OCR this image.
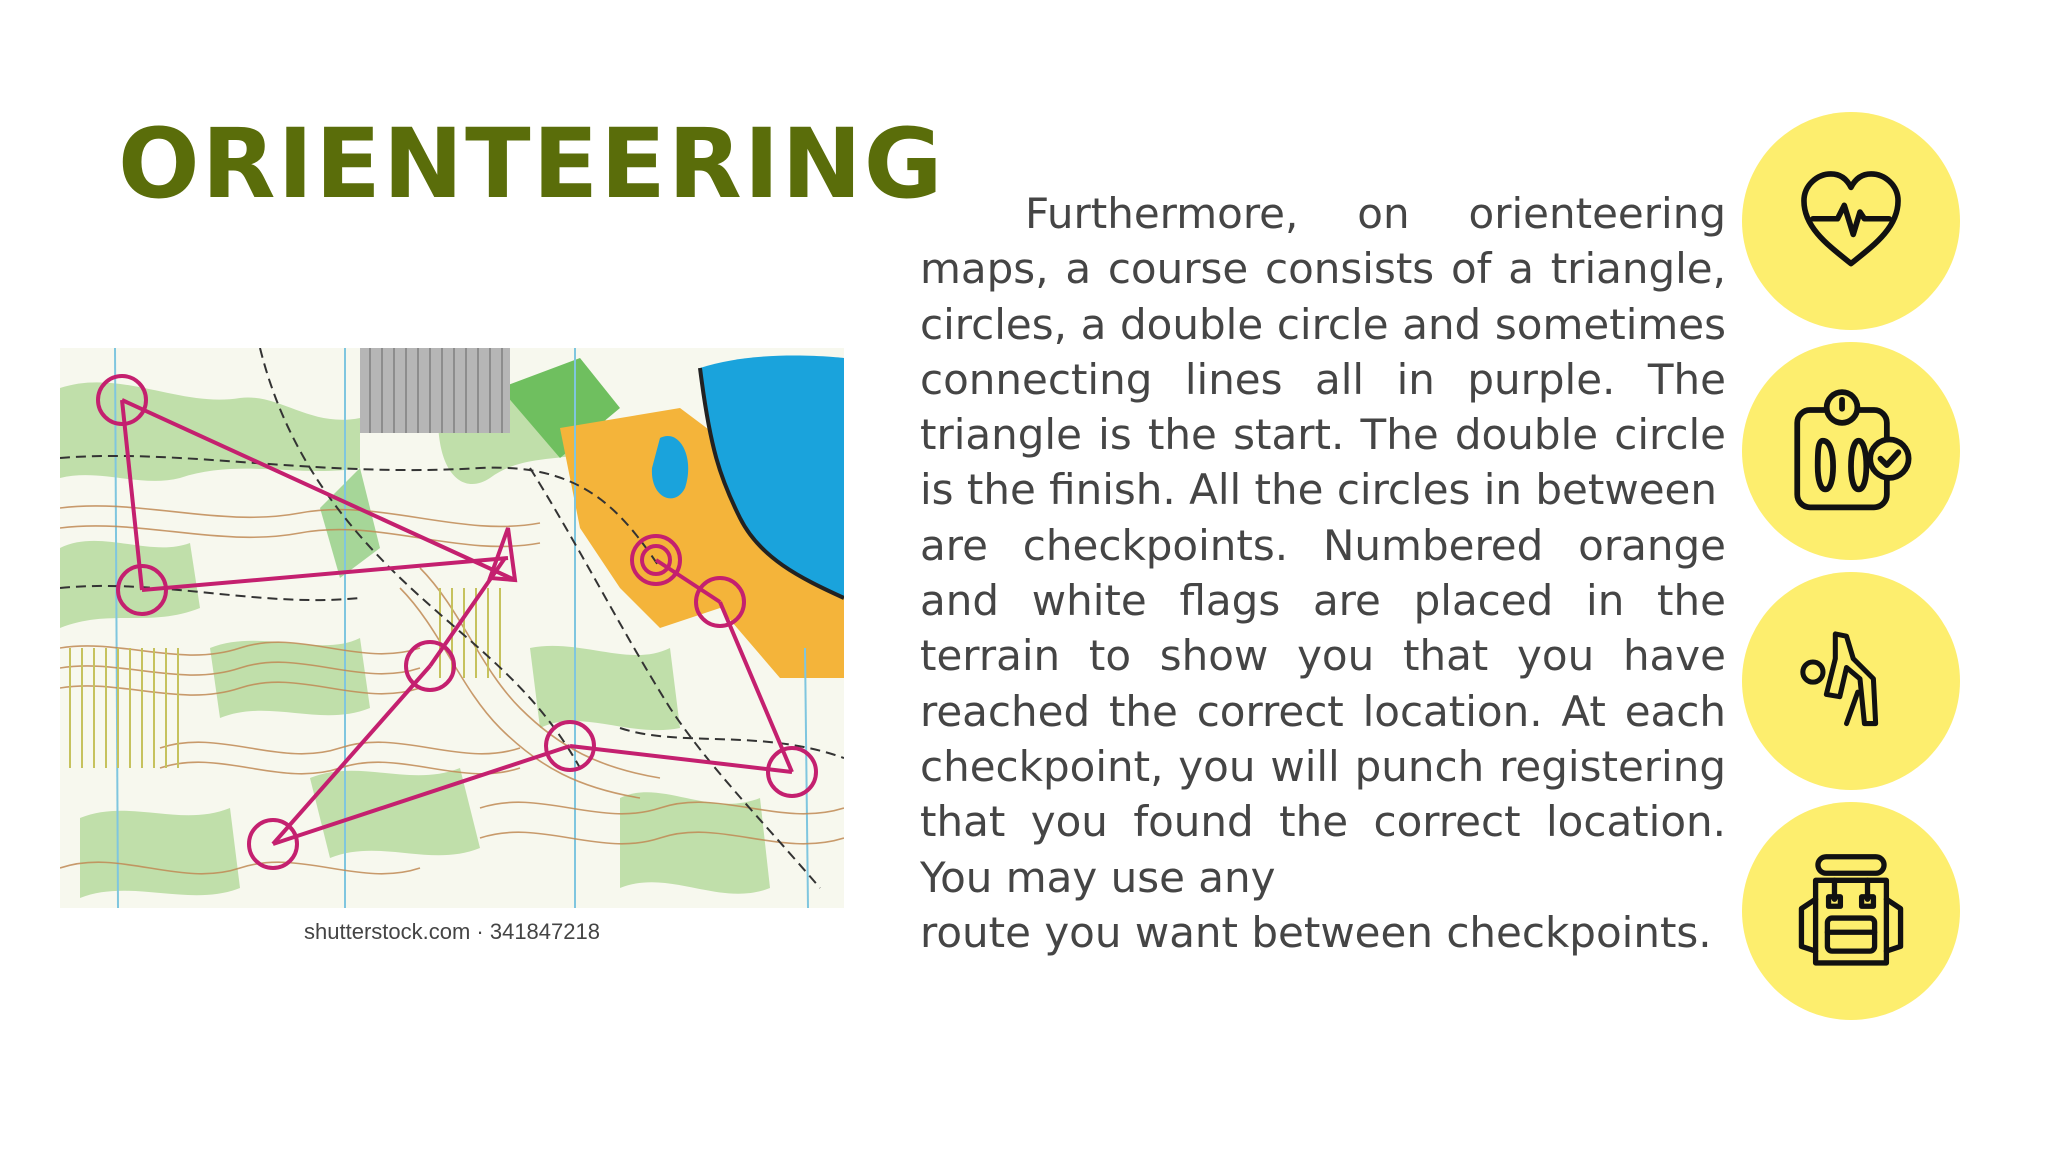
ORIENTEERING
shutterstock.com · 341847218

Furthermore, on orienteering maps, a course consists of a triangle, circles, a double circle and sometimes connecting lines all in purple. The triangle is the start. The double circle is the finish. All the circles in between

are checkpoints. Numbered orange and white flags are placed in the terrain to show you that you have reached the correct location. At each checkpoint, you will punch registering that you found the correct location. You may use any

route you want between checkpoints.
